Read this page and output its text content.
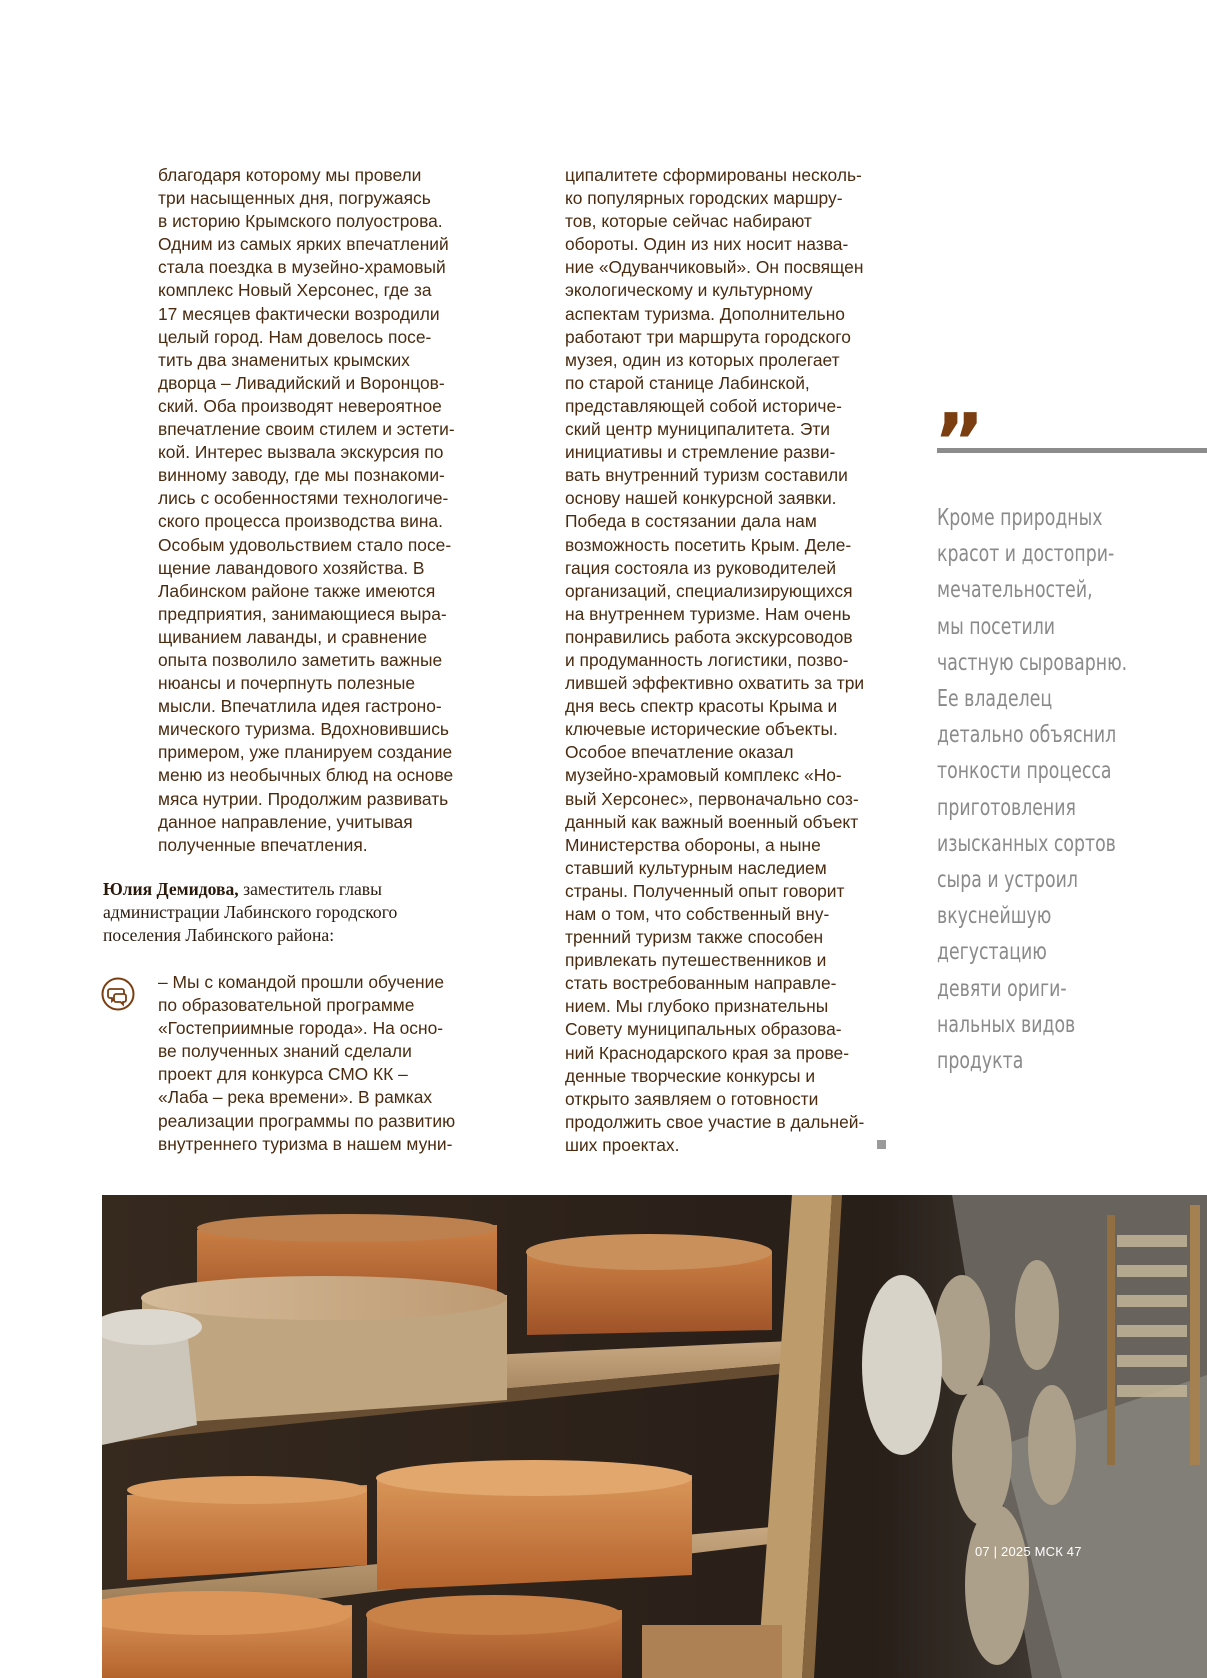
благодаря которому мы провели
три насыщенных дня, погружаясь
в историю Крымского полуострова.
Одним из самых ярких впечатлений
стала поездка в музейно-храмовый
комплекс Новый Херсонес, где за
17 месяцев фактически возродили
целый город. Нам довелось посе-
тить два знаменитых крымских
дворца – Ливадийский и Воронцов-
ский. Оба производят невероятное
впечатление своим стилем и эстети-
кой. Интерес вызвала экскурсия по
винному заводу, где мы познакоми-
лись с особенностями технологиче-
ского процесса производства вина.
Особым удовольствием стало посе-
щение лавандового хозяйства. В
Лабинском районе также имеются
предприятия, занимающиеся выра-
щиванием лаванды, и сравнение
опыта позволило заметить важные
нюансы и почерпнуть полезные
мысли. Впечатлила идея гастроно-
мического туризма. Вдохновившись
примером, уже планируем создание
меню из необычных блюд на основе
мяса нутрии. Продолжим развивать
данное направление, учитывая
полученные впечатления.
ципалитете сформированы несколь-
ко популярных городских маршру-
тов, которые сейчас набирают
обороты. Один из них носит назва-
ние «Одуванчиковый». Он посвящен
экологическому и культурному
аспектам туризма. Дополнительно
работают три маршрута городского
музея, один из которых пролегает
по старой станице Лабинской,
представляющей собой историче-
ский центр муниципалитета. Эти
инициативы и стремление разви-
вать внутренний туризм составили
основу нашей конкурсной заявки.
Победа в состязании дала нам
возможность посетить Крым. Деле-
гация состояла из руководителей
организаций, специализирующихся
на внутреннем туризме. Нам очень
понравились работа экскурсоводов
и продуманность логистики, позво-
лившей эффективно охватить за три
дня весь спектр красоты Крыма и
ключевые исторические объекты.
Особое впечатление оказал
музейно-храмовый комплекс «Но-
вый Херсонес», первоначально соз-
данный как важный военный объект
Министерства обороны, а ныне
ставший культурным наследием
страны. Полученный опыт говорит
нам о том, что собственный вну-
тренний туризм также способен
привлекать путешественников и
стать востребованным направле-
нием. Мы глубоко признательны
Совету муниципальных образова-
ний Краснодарского края за прове-
денные творческие конкурсы и
открыто заявляем о готовности
продолжить свое участие в дальней-
ших проектах.
Юлия Демидова, заместитель главы
администрации Лабинского городского
поселения Лабинского района:
– Мы с командой прошли обучение
по образовательной программе
«Гостеприимные города». На осно-
ве полученных знаний сделали
проект для конкурса СМО КК –
«Лаба – река времени». В рамках
реализации программы по развитию
внутреннего туризма в нашем муни-
„
Кроме природных
красот и достопри-
мечательностей,
мы посетили
частную сыроварню.
Ее владелец
детально объяснил
тонкости процесса
приготовления
изысканных сортов
сыра и устроил
вкуснейшую
дегустацию
девяти ориги-
нальных видов
продукта
07 | 2025 МСК 47
